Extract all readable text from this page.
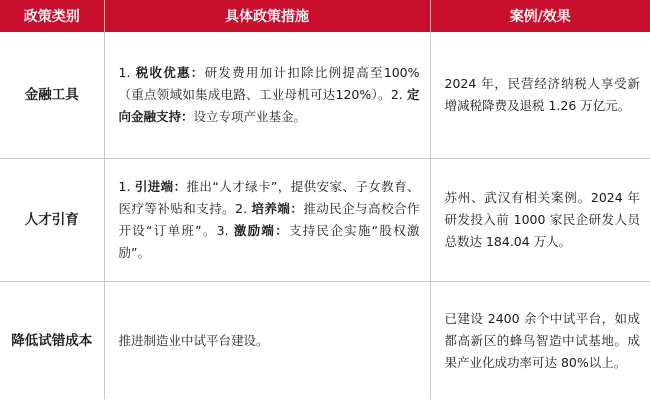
政策类别	具体政策措施	案例/效果
金融工具	1. 税收优惠：研发费用加计扣除比例提高至100%（重点领域如集成电路、工业母机可达120%）。2. 定向金融支持：设立专项产业基金。	2024 年，民营经济纳税人享受新增减税降费及退税 1.26 万亿元。
人才引育	1. 引进端：推出“人才绿卡”，提供安家、子女教育、医疗等补贴和支持。2. 培养端：推动民企与高校合作开设“订单班”。3. 激励端：支持民企实施“股权激励”。	苏州、武汉有相关案例。2024 年研发投入前 1000 家民企研发人员总数达 184.04 万人。
降低试错成本	推进制造业中试平台建设。	已建设 2400 余个中试平台，如成都高新区的蜂鸟智造中试基地。成果产业化成功率可达 80%以上。
